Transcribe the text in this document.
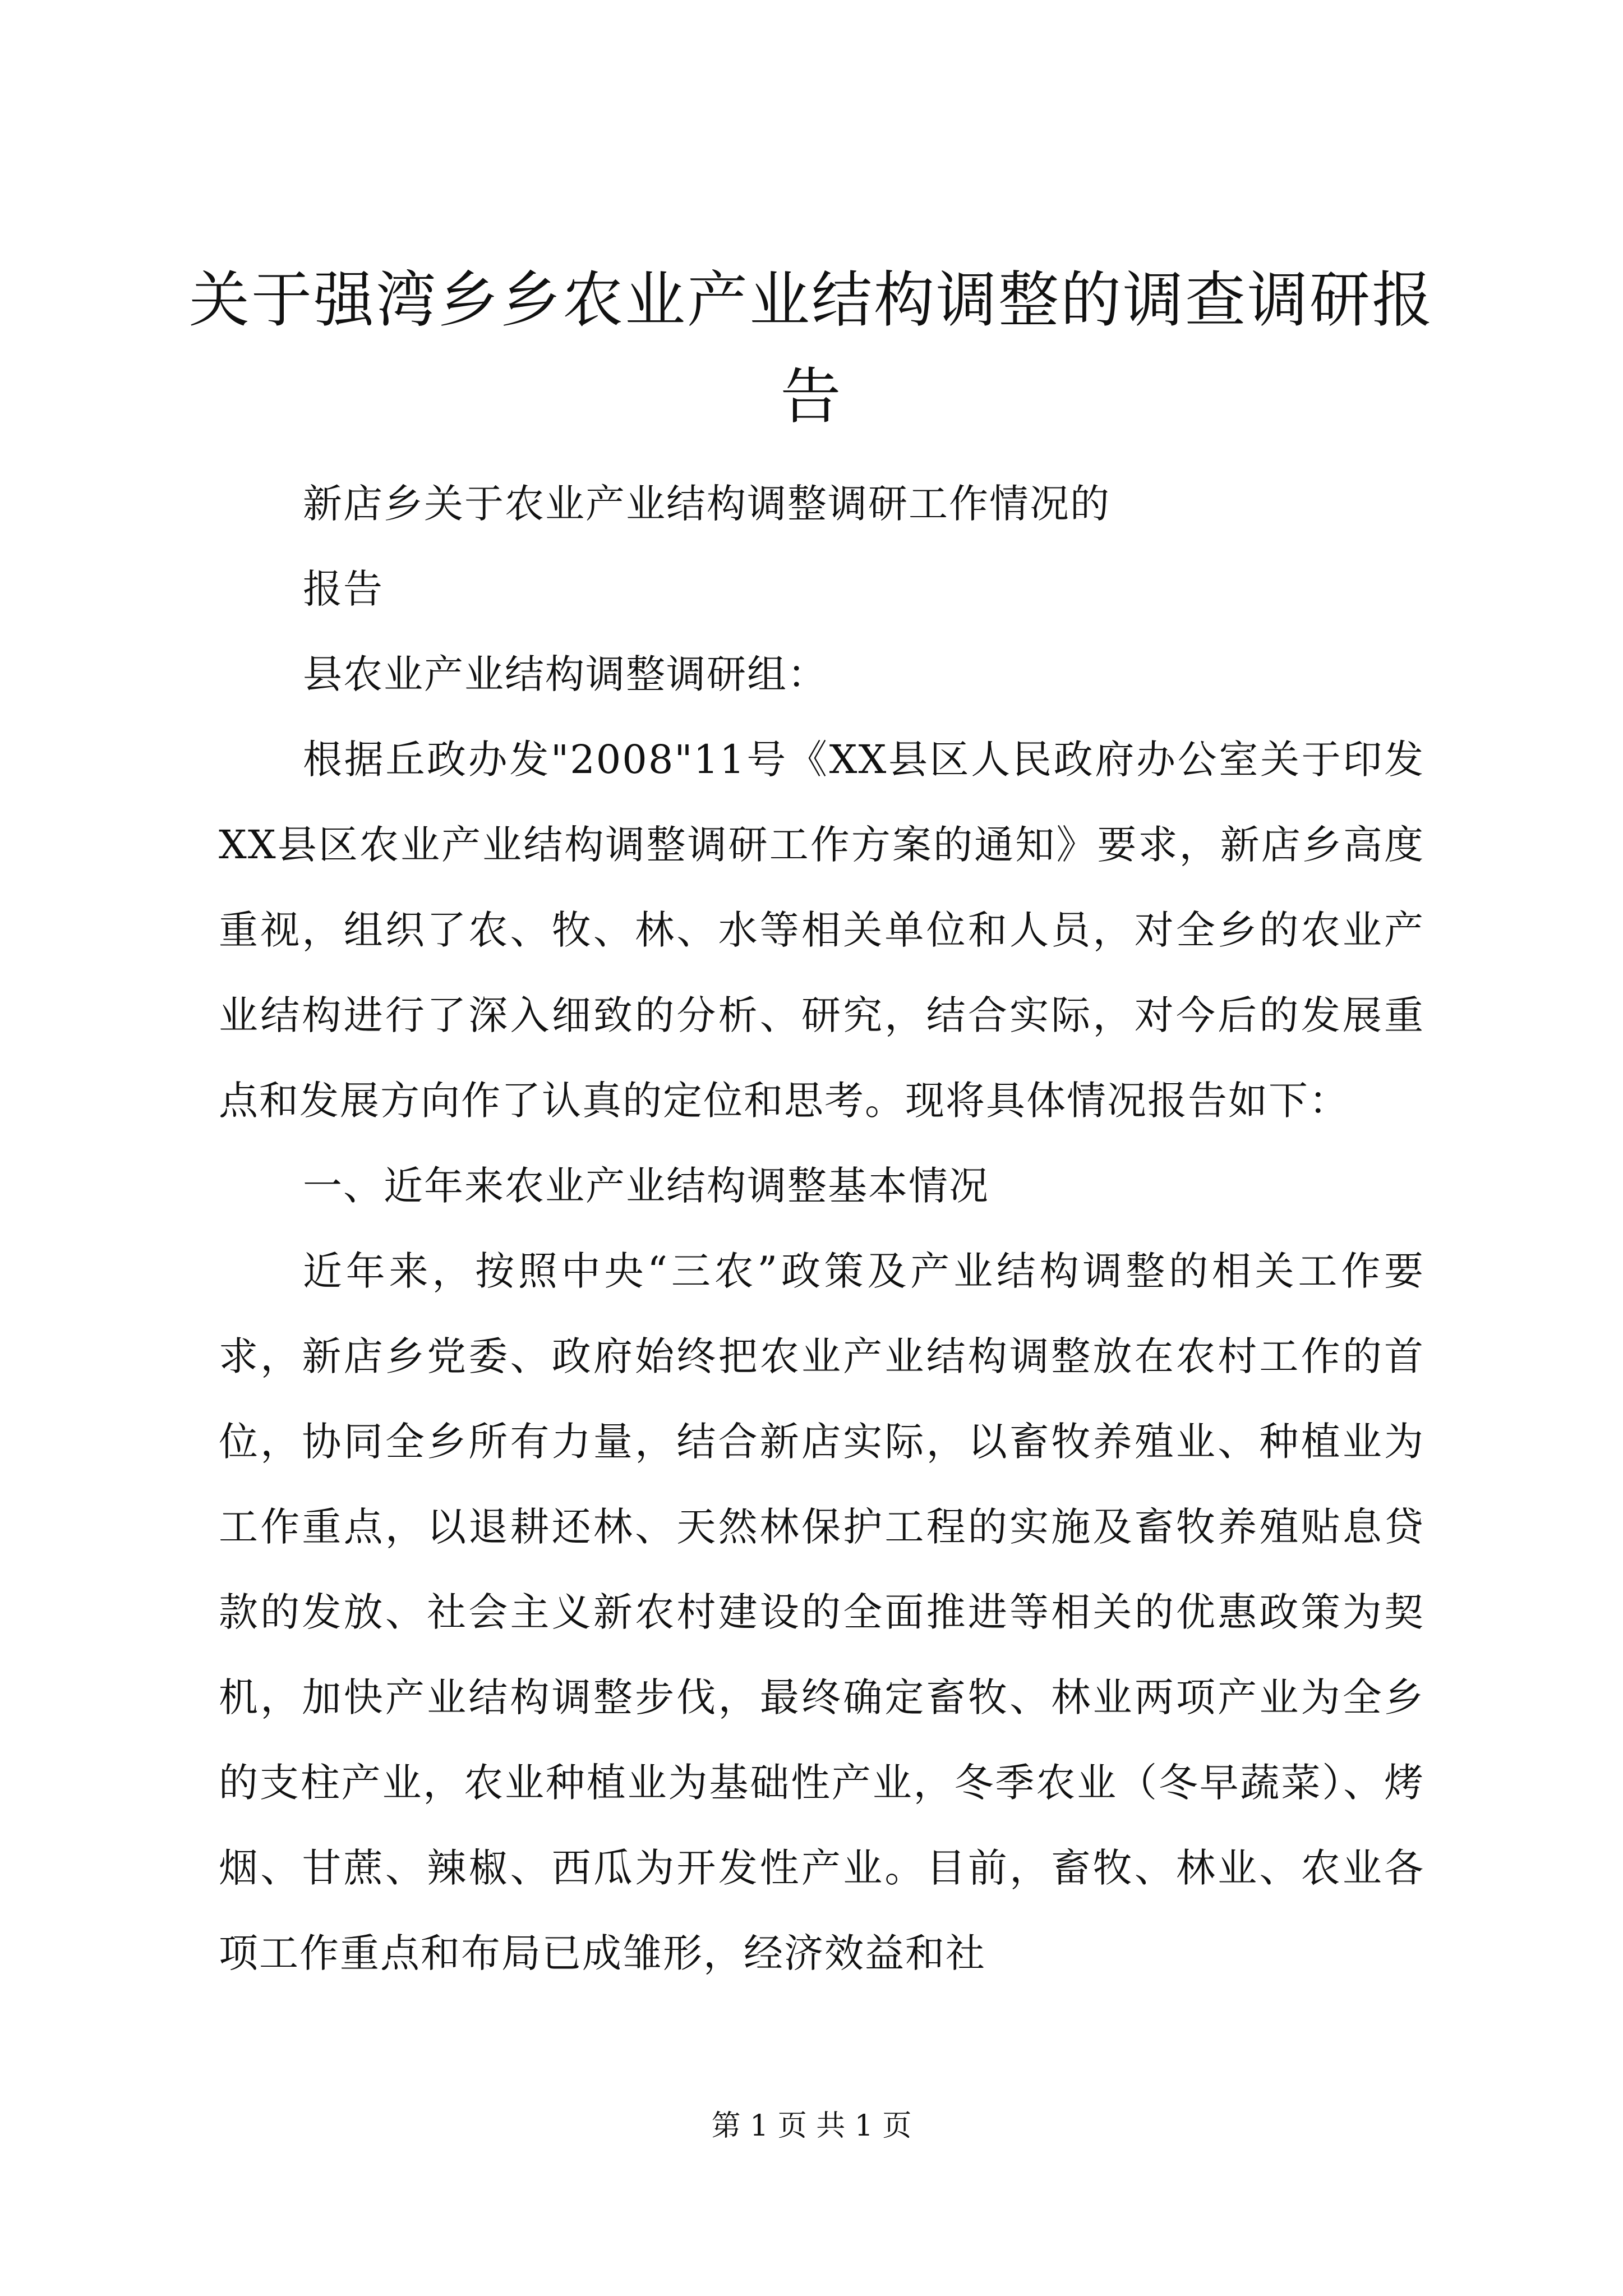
关于强湾乡乡农业产业结构调整的调查调研报告

新店乡关于农业产业结构调整调研工作情况的

报告

县农业产业结构调整调研组：

根据丘政办发"2008"11号《XX县区人民政府办公室关于印发XX县区农业产业结构调整调研工作方案的通知》要求，新店乡高度重视，组织了农、牧、林、水等相关单位和人员，对全乡的农业产业结构进行了深入细致的分析、研究，结合实际，对今后的发展重点和发展方向作了认真的定位和思考。现将具体情况报告如下：

一、近年来农业产业结构调整基本情况

近年来，按照中央“三农”政策及产业结构调整的相关工作要求，新店乡党委、政府始终把农业产业结构调整放在农村工作的首位，协同全乡所有力量，结合新店实际，以畜牧养殖业、种植业为工作重点，以退耕还林、天然林保护工程的实施及畜牧养殖贴息贷款的发放、社会主义新农村建设的全面推进等相关的优惠政策为契机，加快产业结构调整步伐，最终确定畜牧、林业两项产业为全乡的支柱产业，农业种植业为基础性产业，冬季农业（冬早蔬菜）、烤烟、甘蔗、辣椒、西瓜为开发性产业。目前，畜牧、林业、农业各项工作重点和布局已成雏形，经济效益和社

第 1 页 共 1 页
